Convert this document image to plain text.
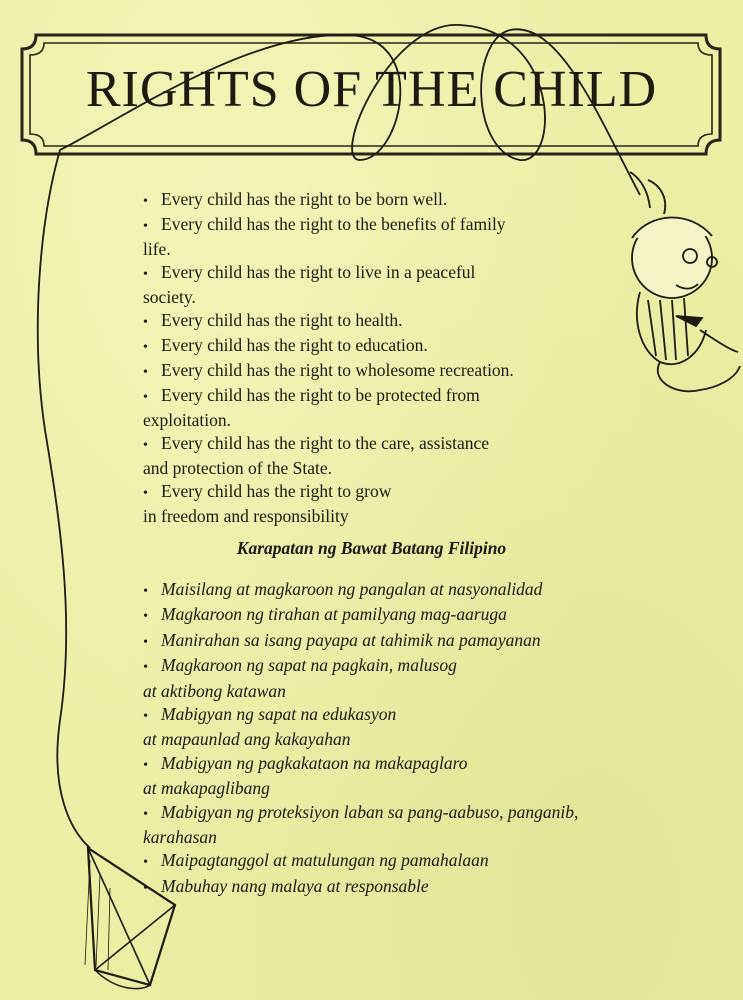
RIGHTS OF THE CHILD
• Every child has the right to be born well.
• Every child has the right to the benefits of family
life.
• Every child has the right to live in a peaceful
society.
• Every child has the right to health.
• Every child has the right to education.
• Every child has the right to wholesome recreation.
• Every child has the right to be protected from
exploitation.
• Every child has the right to the care, assistance
and protection of the State.
• Every child has the right to grow
in freedom and responsibility
Karapatan ng Bawat Batang Filipino
• Maisilang at magkaroon ng pangalan at nasyonalidad
• Magkaroon ng tirahan at pamilyang mag-aaruga
• Manirahan sa isang payapa at tahimik na pamayanan
• Magkaroon ng sapat na pagkain, malusog
at aktibong katawan
• Mabigyan ng sapat na edukasyon
at mapaunlad ang kakayahan
• Mabigyan ng pagkakataon na makapaglaro
at makapaglibang
• Mabigyan ng proteksiyon laban sa pang-aabuso, panganib,
karahasan
• Maipagtanggol at matulungan ng pamahalaan
• Mabuhay nang malaya at responsable
